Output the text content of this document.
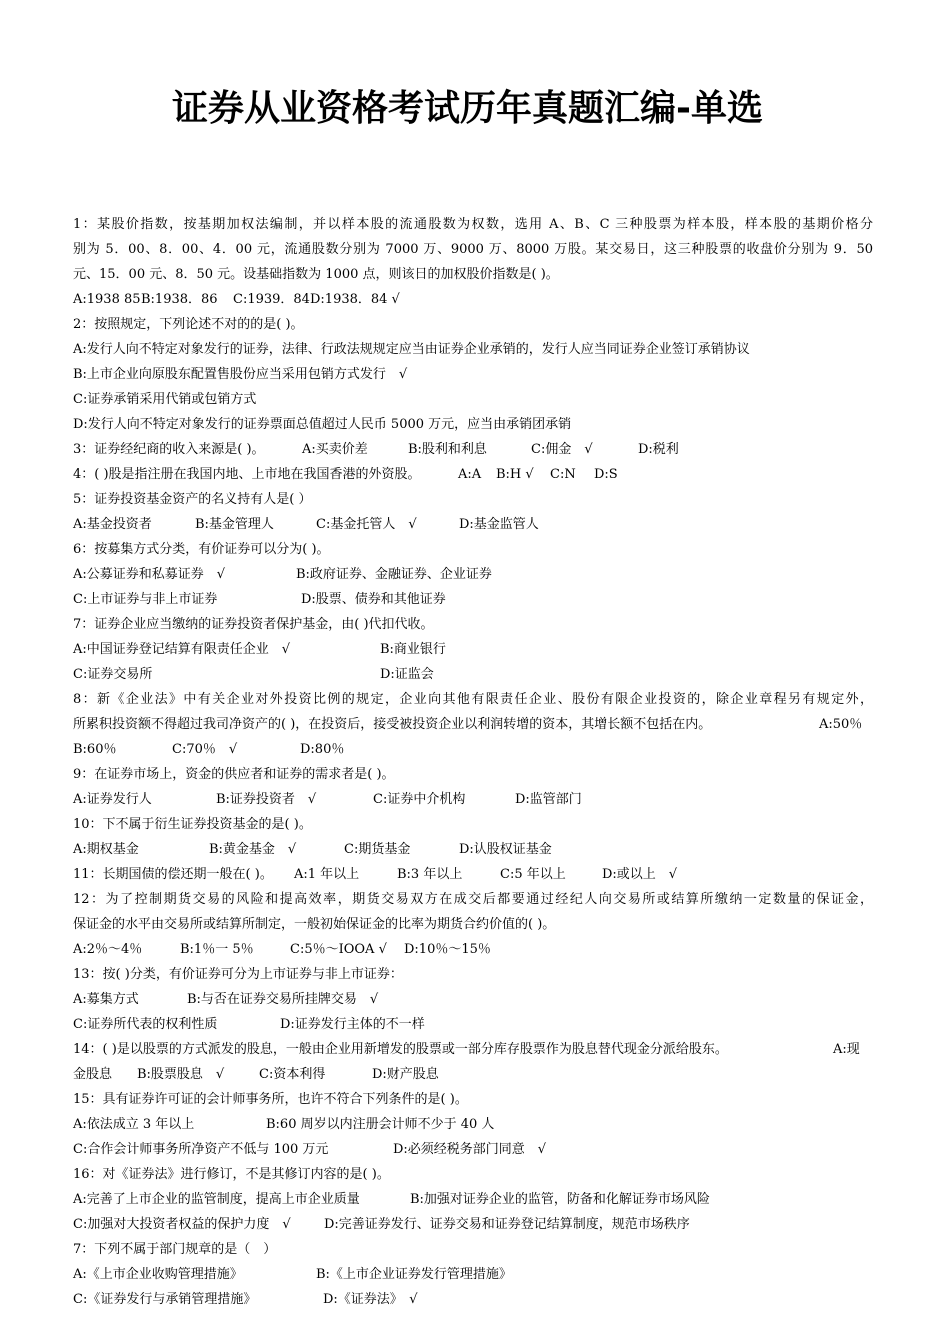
证券从业资格考试历年真题汇编-单选
1：某股价指数，按基期加权法编制，并以样本股的流通股数为权数，选用 A、B、C 三种股票为样本股，样本股的基期价格分
别为 5．00、8．00、4．00 元，流通股数分别为 7000 万、9000 万、8000 万股。某交易日，这三种股票的收盘价分别为 9．50
元、15．00 元、8．50 元。设基础指数为 1000 点，则该日的加权股价指数是( )。
A:1938 85 B:1938．86 C:1939．84 D:1938．84 √
2：按照规定，下列论述不对的的是( )。
A:发行人向不特定对象发行的证券，法律、行政法规规定应当由证券企业承销的，发行人应当同证券企业签订承销协议
B:上市企业向原股东配置售股份应当采用包销方式发行　√
C:证券承销采用代销或包销方式
D:发行人向不特定对象发行的证券票面总值超过人民币 5000 万元，应当由承销团承销
3：证券经纪商的收入来源是( )。	A:买卖价差	B:股利和利息	C:佣金　√	D:税利
4：( )股是指注册在我国内地、上市地在我国香港的外资股。	A:A B:H √ C:N D:S
5：证券投资基金资产的名义持有人是( ）
A:基金投资者	B:基金管理人	C:基金托管人　√	D:基金监管人
6：按募集方式分类，有价证券可以分为( )。
A:公募证券和私募证券　√	B:政府证券、金融证券、企业证券
C:上市证券与非上市证券	D:股票、债券和其他证券
7：证券企业应当缴纳的证券投资者保护基金，由( )代扣代收。
A:中国证券登记结算有限责任企业　√	B:商业银行
C:证券交易所	D:证监会
8：新《企业法》中有关企业对外投资比例的规定，企业向其他有限责任企业、股份有限企业投资的，除企业章程另有规定外，
所累积投资额不得超过我司净资产的( )，在投资后，接受被投资企业以利润转增的资本，其增长额不包括在内。	A:50％
B:60％	C:70％　√	D:80％
9：在证券市场上，资金的供应者和证券的需求者是( )。
A:证券发行人	B:证券投资者　√	C:证券中介机构	D:监管部门
10：下不属于衍生证券投资基金的是( )。
A:期权基金	B:黄金基金　√	C:期货基金	D:认股权证基金
11：长期国债的偿还期一般在( )。 A:1 年以上	B:3 年以上	C:5 年以上	D:或以上　√
12：为了控制期货交易的风险和提高效率，期货交易双方在成交后都要通过经纪人向交易所或结算所缴纳一定数量的保证金，
保证金的水平由交易所或结算所制定，一般初始保证金的比率为期货合约价值的( )。
A:2％～4％	B:1％一 5％	C:5％～IOOA √ D:10％～15％
13：按( )分类，有价证券可分为上市证券与非上市证券：
A:募集方式	B:与否在证券交易所挂牌交易　√
C:证券所代表的权利性质	D:证券发行主体的不一样
14：( )是以股票的方式派发的股息，一般由企业用新增发的股票或一部分库存股票作为股息替代现金分派给股东。	A:现
金股息 B:股票股息　√	C:资本利得	D:财产股息
15：具有证券许可证的会计师事务所，也许不符合下列条件的是( )。
A:依法成立 3 年以上	B:60 周岁以内注册会计师不少于 40 人
C:合作会计师事务所净资产不低与 100 万元	D:必须经税务部门同意　√
16：对《证券法》进行修订，不是其修订内容的是( )。
A:完善了上市企业的监管制度，提高上市企业质量	B:加强对证券企业的监管，防备和化解证券市场风险
C:加强对大投资者权益的保护力度　√	D:完善证券发行、证券交易和证券登记结算制度，规范市场秩序
7：下列不属于部门规章的是（　）
A:《上市企业收购管理措施》	B:《上市企业证券发行管理措施》
C:《证券发行与承销管理措施》	D:《证券法》　√
